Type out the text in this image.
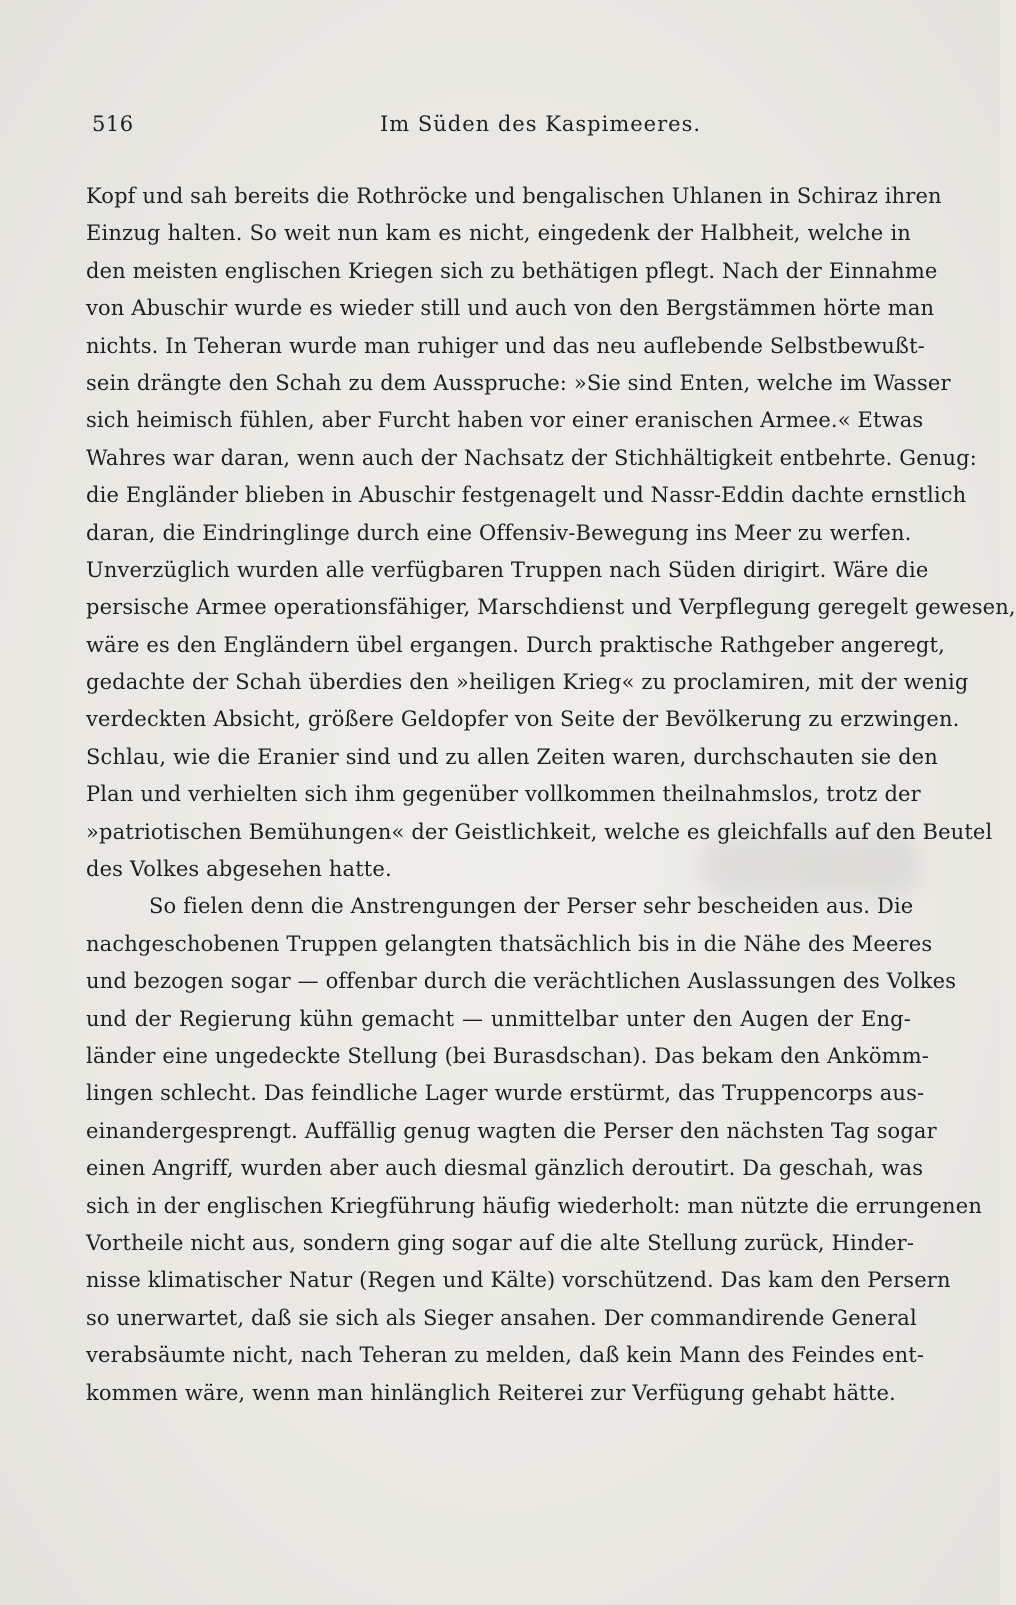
516	Im Süden des Kaspimeeres.
Kopf und sah bereits die Rothröcke und bengalischen Uhlanen in Schiraz ihren
Einzug halten. So weit nun kam es nicht, eingedenk der Halbheit, welche in
den meisten englischen Kriegen sich zu bethätigen pflegt. Nach der Einnahme
von Abuschir wurde es wieder still und auch von den Bergstämmen hörte man
nichts. In Teheran wurde man ruhiger und das neu auflebende Selbstbewußt-
sein drängte den Schah zu dem Ausspruche: »Sie sind Enten, welche im Wasser
sich heimisch fühlen, aber Furcht haben vor einer eranischen Armee.« Etwas
Wahres war daran, wenn auch der Nachsatz der Stichhältigkeit entbehrte. Genug:
die Engländer blieben in Abuschir festgenagelt und Nassr-Eddin dachte ernstlich
daran, die Eindringlinge durch eine Offensiv-Bewegung ins Meer zu werfen.
Unverzüglich wurden alle verfügbaren Truppen nach Süden dirigirt. Wäre die
persische Armee operationsfähiger, Marschdienst und Verpflegung geregelt gewesen,
wäre es den Engländern übel ergangen. Durch praktische Rathgeber angeregt,
gedachte der Schah überdies den »heiligen Krieg« zu proclamiren, mit der wenig
verdeckten Absicht, größere Geldopfer von Seite der Bevölkerung zu erzwingen.
Schlau, wie die Eranier sind und zu allen Zeiten waren, durchschauten sie den
Plan und verhielten sich ihm gegenüber vollkommen theilnahmslos, trotz der
»patriotischen Bemühungen« der Geistlichkeit, welche es gleichfalls auf den Beutel
des Volkes abgesehen hatte.
So fielen denn die Anstrengungen der Perser sehr bescheiden aus. Die
nachgeschobenen Truppen gelangten thatsächlich bis in die Nähe des Meeres
und bezogen sogar — offenbar durch die verächtlichen Auslassungen des Volkes
und der Regierung kühn gemacht — unmittelbar unter den Augen der Eng-
länder eine ungedeckte Stellung (bei Burasdschan). Das bekam den Ankömm-
lingen schlecht. Das feindliche Lager wurde erstürmt, das Truppencorps aus-
einandergesprengt. Auffällig genug wagten die Perser den nächsten Tag sogar
einen Angriff, wurden aber auch diesmal gänzlich deroutirt. Da geschah, was
sich in der englischen Kriegführung häufig wiederholt: man nützte die errungenen
Vortheile nicht aus, sondern ging sogar auf die alte Stellung zurück, Hinder-
nisse klimatischer Natur (Regen und Kälte) vorschützend. Das kam den Persern
so unerwartet, daß sie sich als Sieger ansahen. Der commandirende General
verabsäumte nicht, nach Teheran zu melden, daß kein Mann des Feindes ent-
kommen wäre, wenn man hinlänglich Reiterei zur Verfügung gehabt hätte.
